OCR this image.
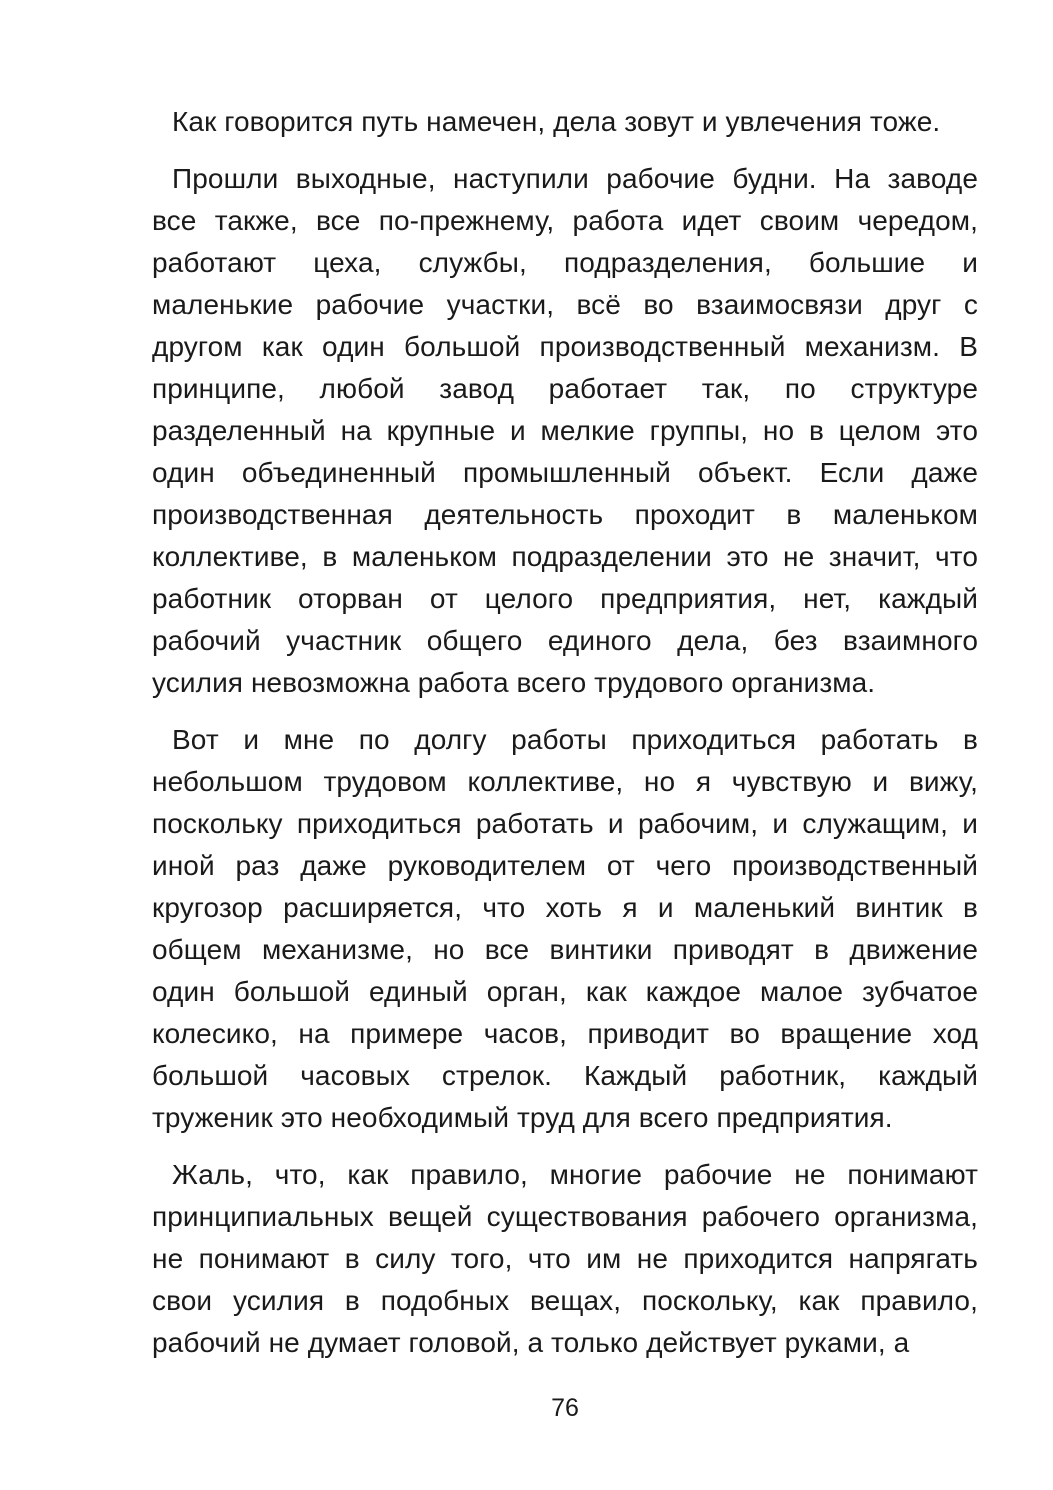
Как говорится путь намечен, дела зовут и увлечения тоже.

Прошли выходные, наступили рабочие будни. На заводе
все также, все по-прежнему, работа идет своим чередом,
работают цеха, службы, подразделения, большие и
маленькие рабочие участки, всё во взаимосвязи друг с
другом как один большой производственный механизм. В
принципе, любой завод работает так, по структуре
разделенный на крупные и мелкие группы, но в целом это
один объединенный промышленный объект. Если даже
производственная деятельность проходит в маленьком
коллективе, в маленьком подразделении это не значит, что
работник оторван от целого предприятия, нет, каждый
рабочий участник общего единого дела, без взаимного
усилия невозможна работа всего трудового организма.

Вот и мне по долгу работы приходиться работать в
небольшом трудовом коллективе, но я чувствую и вижу,
поскольку приходиться работать и рабочим, и служащим, и
иной раз даже руководителем от чего производственный
кругозор расширяется, что хоть я и маленький винтик в
общем механизме, но все винтики приводят в движение
один большой единый орган, как каждое малое зубчатое
колесико, на примере часов, приводит во вращение ход
большой часовых стрелок. Каждый работник, каждый
труженик это необходимый труд для всего предприятия.

Жаль, что, как правило, многие рабочие не понимают
принципиальных вещей существования рабочего организма,
не понимают в силу того, что им не приходится напрягать
свои усилия в подобных вещах, поскольку, как правило,
рабочий не думает головой, а только действует руками, а

76
